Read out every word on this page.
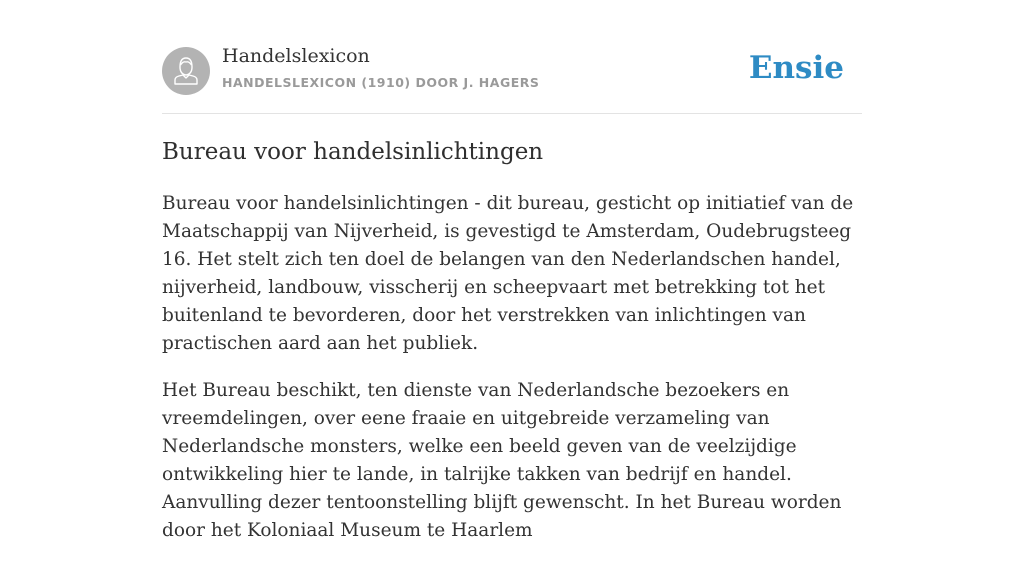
Handelslexicon
HANDELSLEXICON (1910) DOOR J. HAGERS	Ensie
Bureau voor handelsinlichtingen

Bureau voor handelsinlichtingen - dit bureau, gesticht op initiatief van de Maatschappij van Nijverheid, is gevestigd te Amsterdam, Oudebrugsteeg 16. Het stelt zich ten doel de belangen van den Nederlandschen handel, nijverheid, landbouw, visscherij en scheepvaart met betrekking tot het buitenland te bevorderen, door het verstrekken van inlichtingen van practischen aard aan het publiek.

Het Bureau beschikt, ten dienste van Nederlandsche bezoekers en vreemdelingen, over eene fraaie en uitgebreide verzameling van Nederlandsche monsters, welke een beeld geven van de veelzijdige ontwikkeling hier te lande, in talrijke takken van bedrijf en handel. Aanvulling dezer tentoonstelling blijft gewenscht. In het Bureau worden door het Koloniaal Museum te Haarlem
